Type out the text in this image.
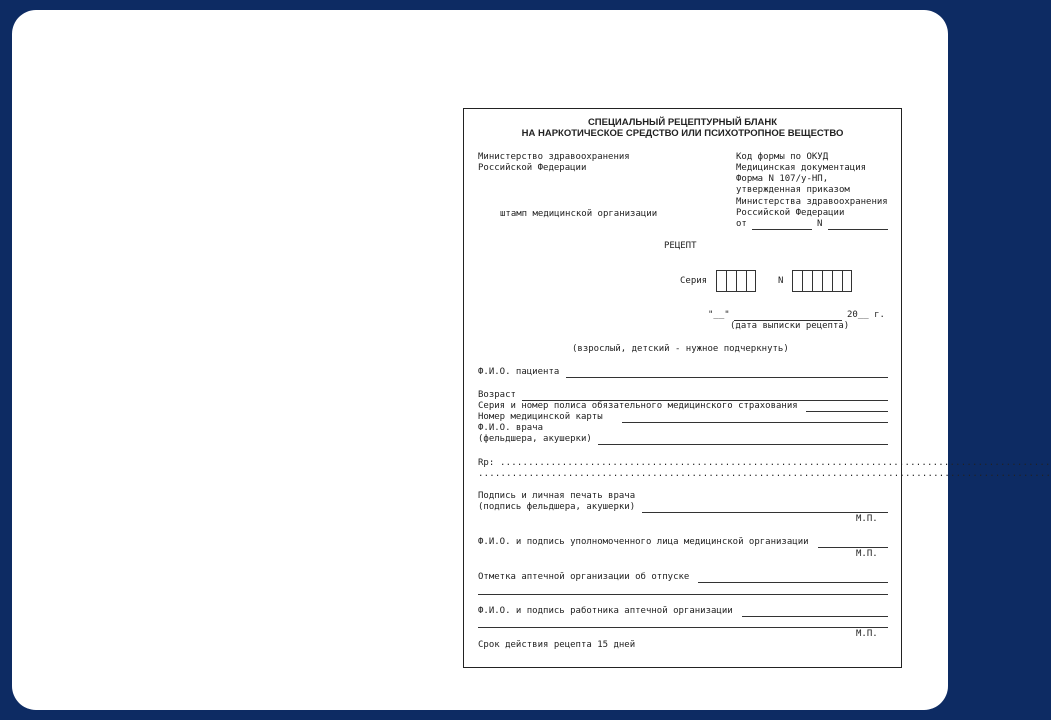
СПЕЦИАЛЬНЫЙ РЕЦЕПТУРНЫЙ БЛАНК
НА НАРКОТИЧЕСКОЕ СРЕДСТВО ИЛИ ПСИХОТРОПНОЕ ВЕЩЕСТВО
Министерство здравоохранения
Российской Федерации
штамп медицинской организации
Код формы по ОКУД
Медицинская документация
Форма N 107/у-НП,
утвержденная приказом
Министерства здравоохранения
Российской Федерации
от	N
РЕЦЕПТ
Серия	N
"__"	20__ г.
(дата выписки рецепта)
(взрослый, детский - нужное подчеркнуть)
Ф.И.О. пациента
Возраст
Серия и номер полиса обязательного медицинского страхования
Номер медицинской карты
Ф.И.О. врача
(фельдшера, акушерки)
Rp: ..................................................................................................
......................................................................................................
Подпись и личная печать врача
(подпись фельдшера, акушерки)
М.П.
Ф.И.О. и подпись уполномоченного лица медицинской организации
М.П.
Отметка аптечной организации об отпуске
Ф.И.О. и подпись работника аптечной организации
М.П.
Срок действия рецепта 15 дней
